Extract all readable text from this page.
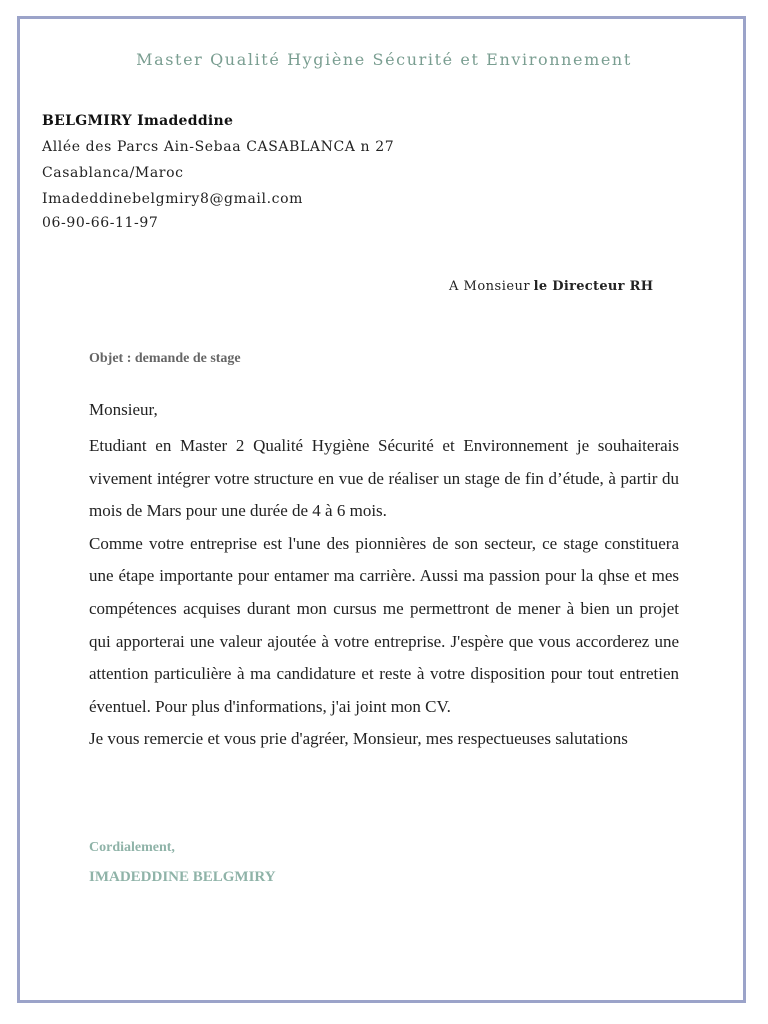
Master Qualité Hygiène Sécurité et Environnement
BELGMIRY Imadeddine
Allée des Parcs Ain-Sebaa CASABLANCA n 27
Casablanca/Maroc
Imadeddinebelgmiry8@gmail.com
06-90-66-11-97
A Monsieur le Directeur RH
Objet : demande de stage
Monsieur,

Etudiant en Master 2 Qualité Hygiène Sécurité et Environnement je souhaiterais vivement intégrer votre structure en vue de réaliser un stage de fin d’étude, à partir du mois de Mars pour une durée de 4 à 6 mois.

Comme votre entreprise est l'une des pionnières de son secteur, ce stage constituera une étape importante pour entamer ma carrière. Aussi ma passion pour la qhse et mes compétences acquises durant mon cursus me permettront de mener à bien un projet qui apporterai une valeur ajoutée à votre entreprise. J'espère que vous accorderez une attention particulière à ma candidature et reste à votre disposition pour tout entretien éventuel. Pour plus d'informations, j'ai joint mon CV.

Je vous remercie et vous prie d'agréer, Monsieur, mes respectueuses salutations

Cordialement,
IMADEDDINE BELGMIRY
